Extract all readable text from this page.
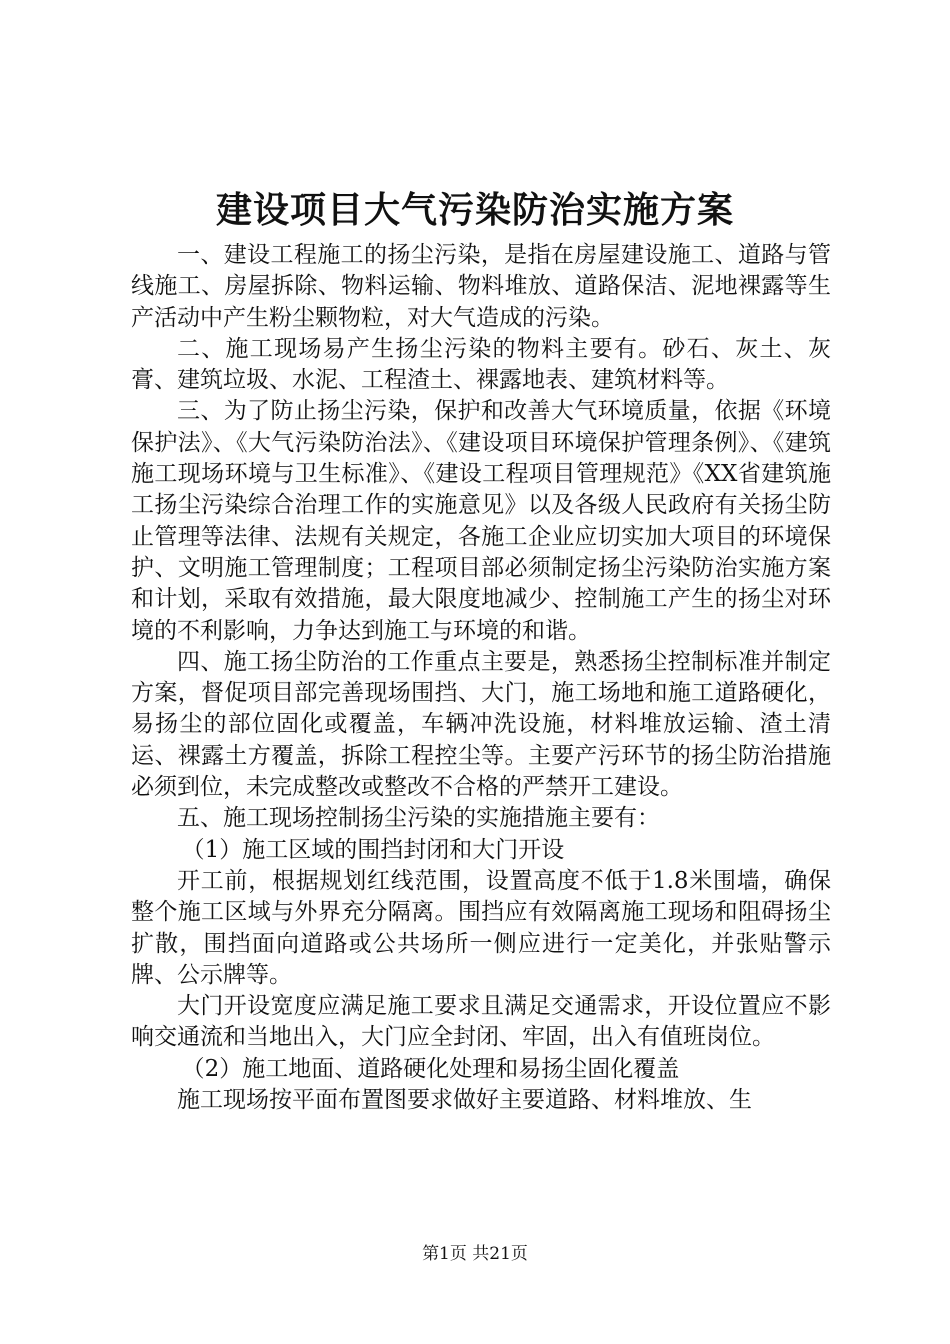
建设项目大气污染防治实施方案

一、建设工程施工的扬尘污染，是指在房屋建设施工、道路与管线施工、房屋拆除、物料运输、物料堆放、道路保洁、泥地裸露等生产活动中产生粉尘颗物粒，对大气造成的污染。

二、施工现场易产生扬尘污染的物料主要有。砂石、灰土、灰膏、建筑垃圾、水泥、工程渣土、裸露地表、建筑材料等。

三、为了防止扬尘污染，保护和改善大气环境质量，依据《环境保护法》、《大气污染防治法》、《建设项目环境保护管理条例》、《建筑施工现场环境与卫生标准》、《建设工程项目管理规范》《XX省建筑施工扬尘污染综合治理工作的实施意见》以及各级人民政府有关扬尘防止管理等法律、法规有关规定，各施工企业应切实加大项目的环境保护、文明施工管理制度；工程项目部必须制定扬尘污染防治实施方案和计划，采取有效措施，最大限度地减少、控制施工产生的扬尘对环境的不利影响，力争达到施工与环境的和谐。

四、施工扬尘防治的工作重点主要是，熟悉扬尘控制标准并制定方案，督促项目部完善现场围挡、大门，施工场地和施工道路硬化，易扬尘的部位固化或覆盖，车辆冲洗设施，材料堆放运输、渣土清运、裸露土方覆盖，拆除工程控尘等。主要产污环节的扬尘防治措施必须到位，未完成整改或整改不合格的严禁开工建设。

五、施工现场控制扬尘污染的实施措施主要有：

（1）施工区域的围挡封闭和大门开设

开工前，根据规划红线范围，设置高度不低于1.8米围墙，确保整个施工区域与外界充分隔离。围挡应有效隔离施工现场和阻碍扬尘扩散，围挡面向道路或公共场所一侧应进行一定美化，并张贴警示牌、公示牌等。

大门开设宽度应满足施工要求且满足交通需求，开设位置应不影响交通流和当地出入，大门应全封闭、牢固，出入有值班岗位。

（2）施工地面、道路硬化处理和易扬尘固化覆盖

施工现场按平面布置图要求做好主要道路、材料堆放、生

第1页 共21页
